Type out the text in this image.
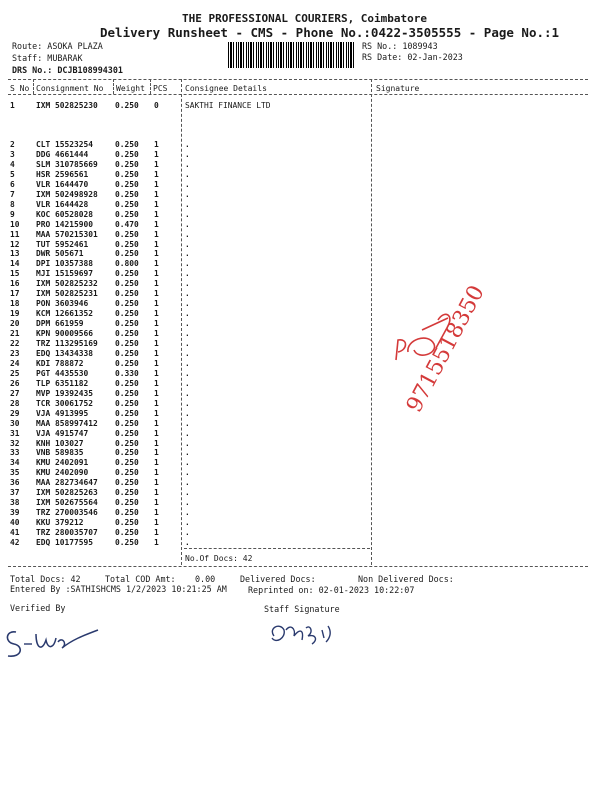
THE PROFESSIONAL COURIERS, Coimbatore
Delivery Runsheet - CMS - Phone No.:0422-3505555 - Page No.:1
Route: ASOKA PLAZA
Staff: MUBARAK
DRS No.: DCJB108994301
RS No.: 1089943
RS Date: 02-Jan-2023
S No Consignment No Weight PCS Consignee Details	Signature
1	IXM 502825230 0.250 0	SAKTHI FINANCE LTD
2	CLT 15523254	0.250 1	.
3	DDG 4661444	0.250 1	.
4	SLM 310785669 0.250 1	.
5	HSR 2596561	0.250 1	.
6	VLR 1644470	0.250 1	.
7	IXM 502498928 0.250 1	.
8	VLR 1644428	0.250 1	.
9	KOC 60528028	0.250 1	.
10 PRO 14215900	0.470 1	.
11 MAA 570215301 0.250 1	.
12 TUT 5952461	0.250 1	.
13 DWR 505671	0.250 1	.
14 DPI 10357388	0.800 1	.
15 MJI 15159697	0.250 1	.
16 IXM 502825232 0.250 1	.
17 IXM 502825231 0.250 1	.
18 PON 3603946	0.250 1	.
19 KCM 12661352	0.250 1	.
20 DPM 661959	0.250 1	.
21 KPN 90009566	0.250 1	.
22 TRZ 113295169 0.250 1	.
23 EDQ 13434338	0.250 1	.
24 KDI 788872	0.250 1	.
25 PGT 4435530	0.330 1	.
26 TLP 6351182	0.250 1	.
27 MVP 19392435	0.250 1	.
28 TCR 30061752	0.250 1	.
29 VJA 4913995	0.250 1	.
30 MAA 858997412 0.250 1	.
31 VJA 4915747	0.250 1	.
32 KNH 103027	0.250 1	.
33 VNB 589835	0.250 1	.
34 KMU 2402091	0.250 1	.
35 KMU 2402090	0.250 1	.
36 MAA 282734647 0.250 1	.
37 IXM 502825263 0.250 1	.
38 IXM 502675564 0.250 1	.
39 TRZ 270003546 0.250 1	.
40 KKU 379212	0.250 1	.
41 TRZ 280035707 0.250 1	.
42 EDQ 10177595	0.250 1	.
No.Of Docs: 42
Total Docs: 42	Total COD Amt: 0.00	Delivered Docs:	Non Delivered Docs:
Entered By :SATHISHCMS 1/2/2023 10:21:25 AM	Reprinted on: 02-01-2023 10:22:07
Verified By	Staff Signature
9715518350
